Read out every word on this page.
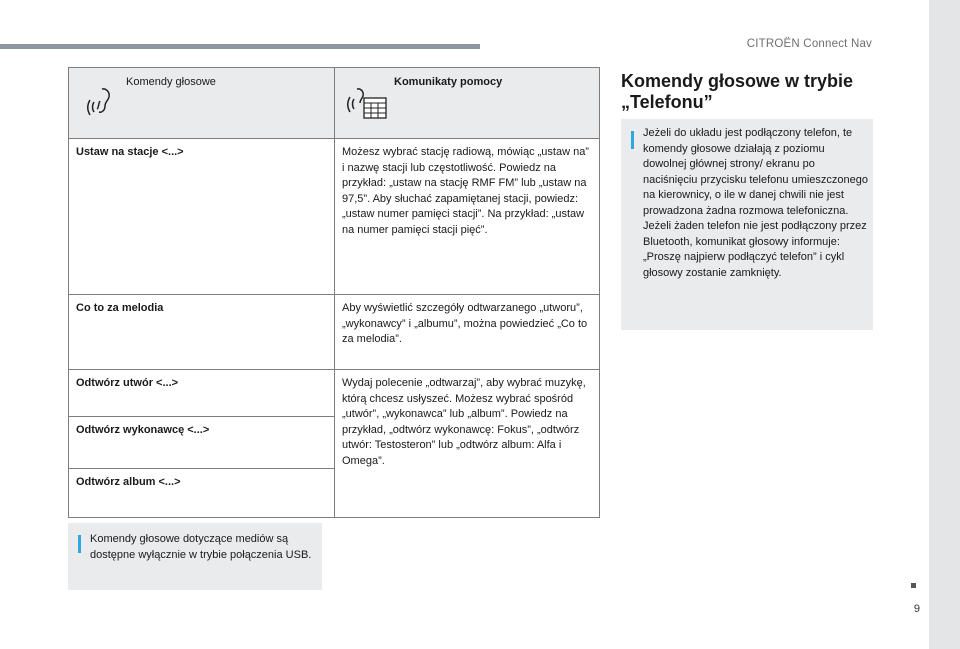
CITROËN Connect Nav
Komendy głosowe	Komunikaty pomocy

Ustaw na stacje <...>	Możesz wybrać stację radiową, mówiąc „ustaw na” i nazwę stacji lub częstotliwość. Powiedz na przykład: „ustaw na stację RMF FM” lub „ustaw na 97,5”. Aby słuchać zapamiętanej stacji, powiedz: „ustaw numer pamięci stacji”. Na przykład: „ustaw na numer pamięci stacji pięć”.
Co to za melodia	Aby wyświetlić szczegóły odtwarzanego „utworu”, „wykonawcy” i „albumu”, można powiedzieć „Co to za melodia”.
Odtwórz utwór <...>	Wydaj polecenie „odtwarzaj”, aby wybrać muzykę, którą chcesz usłyszeć. Możesz wybrać spośród „utwór”, „wykonawca” lub „album”. Powiedz na przykład, „odtwórz wykonawcę: Fokus”, „odtwórz utwór: Testosteron” lub „odtwórz album: Alfa i Omega”.
Odtwórz wykonawcę <...>	
Odtwórz album <...>	
Komendy głosowe dotyczące mediów są dostępne wyłącznie w trybie połączenia USB.
Komendy głosowe w trybie „Telefonu”
Jeżeli do układu jest podłączony telefon, te komendy głosowe działają z poziomu dowolnej głównej strony/ ekranu po naciśnięciu przycisku telefonu umieszczonego na kierownicy, o ile w danej chwili nie jest prowadzona żadna rozmowa telefoniczna.
Jeżeli żaden telefon nie jest podłączony przez Bluetooth, komunikat głosowy informuje: „Proszę najpierw podłączyć telefon” i cykl głosowy zostanie zamknięty.
9
